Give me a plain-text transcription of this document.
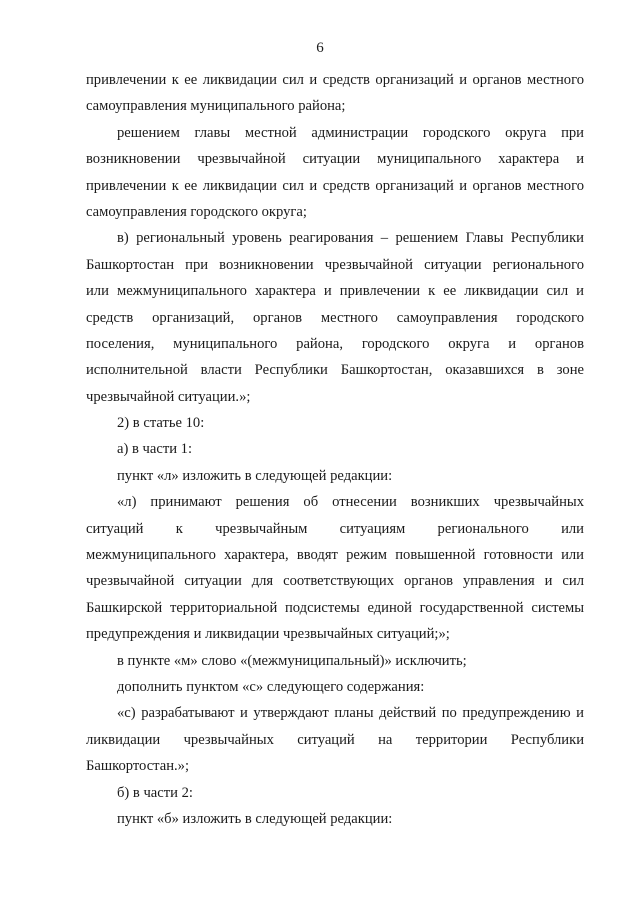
6
привлечении к ее ликвидации сил и средств организаций и органов местного
самоуправления муниципального района;
решением главы местной администрации городского округа при
возникновении чрезвычайной ситуации муниципального характера и
привлечении к ее ликвидации сил и средств организаций и органов местного
самоуправления городского округа;
в) региональный уровень реагирования – решением Главы Республики
Башкортостан при возникновении чрезвычайной ситуации регионального
или межмуниципального характера и привлечении к ее ликвидации сил и
средств организаций, органов местного самоуправления городского
поселения, муниципального района, городского округа и органов
исполнительной власти Республики Башкортостан, оказавшихся в зоне
чрезвычайной ситуации.»;
2) в статье 10:
а) в части 1:
пункт «л» изложить в следующей редакции:
«л) принимают решения об отнесении возникших чрезвычайных
ситуаций к чрезвычайным ситуациям регионального или
межмуниципального характера, вводят режим повышенной готовности или
чрезвычайной ситуации для соответствующих органов управления и сил
Башкирской территориальной подсистемы единой государственной системы
предупреждения и ликвидации чрезвычайных ситуаций;»;
в пункте «м» слово «(межмуниципальный)» исключить;
дополнить пунктом «с» следующего содержания:
«с) разрабатывают и утверждают планы действий по предупреждению и
ликвидации чрезвычайных ситуаций на территории Республики
Башкортостан.»;
б) в части 2:
пункт «б» изложить в следующей редакции:
